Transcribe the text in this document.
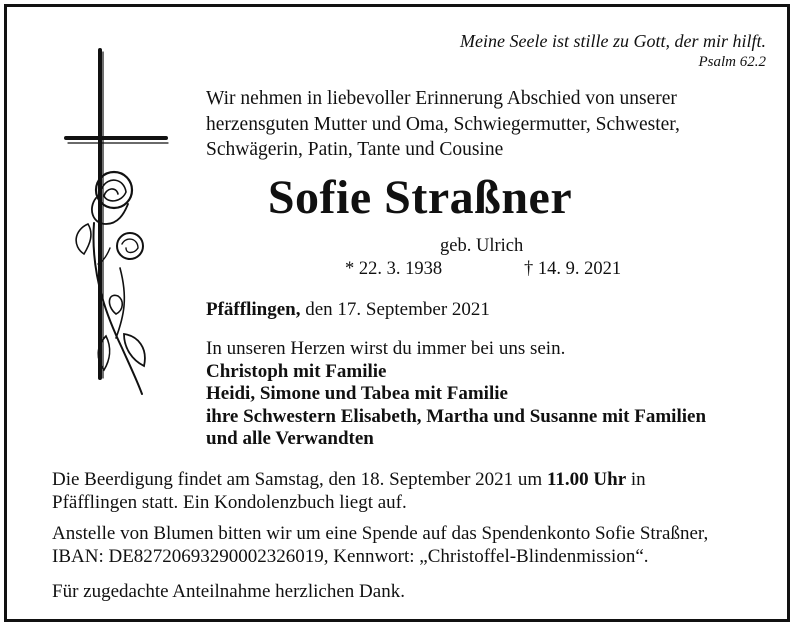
Meine Seele ist stille zu Gott, der mir hilft.
Psalm 62.2
Wir nehmen in liebevoller Erinnerung Abschied von unserer
herzensguten Mutter und Oma, Schwiegermutter, Schwester,
Schwägerin, Patin, Tante und Cousine
Sofie Straßner
geb. Ulrich
* 22. 3. 1938	† 14. 9. 2021
Pfäfflingen, den 17. September 2021
In unseren Herzen wirst du immer bei uns sein.
Christoph mit Familie
Heidi, Simone und Tabea mit Familie
ihre Schwestern Elisabeth, Martha und Susanne mit Familien
und alle Verwandten
Die Beerdigung findet am Samstag, den 18. September 2021 um 11.00 Uhr in
Pfäfflingen statt. Ein Kondolenzbuch liegt auf.
Anstelle von Blumen bitten wir um eine Spende auf das Spendenkonto Sofie Straßner,
IBAN: DE82720693290002326019, Kennwort: „Christoffel-Blindenmission“.
Für zugedachte Anteilnahme herzlichen Dank.
